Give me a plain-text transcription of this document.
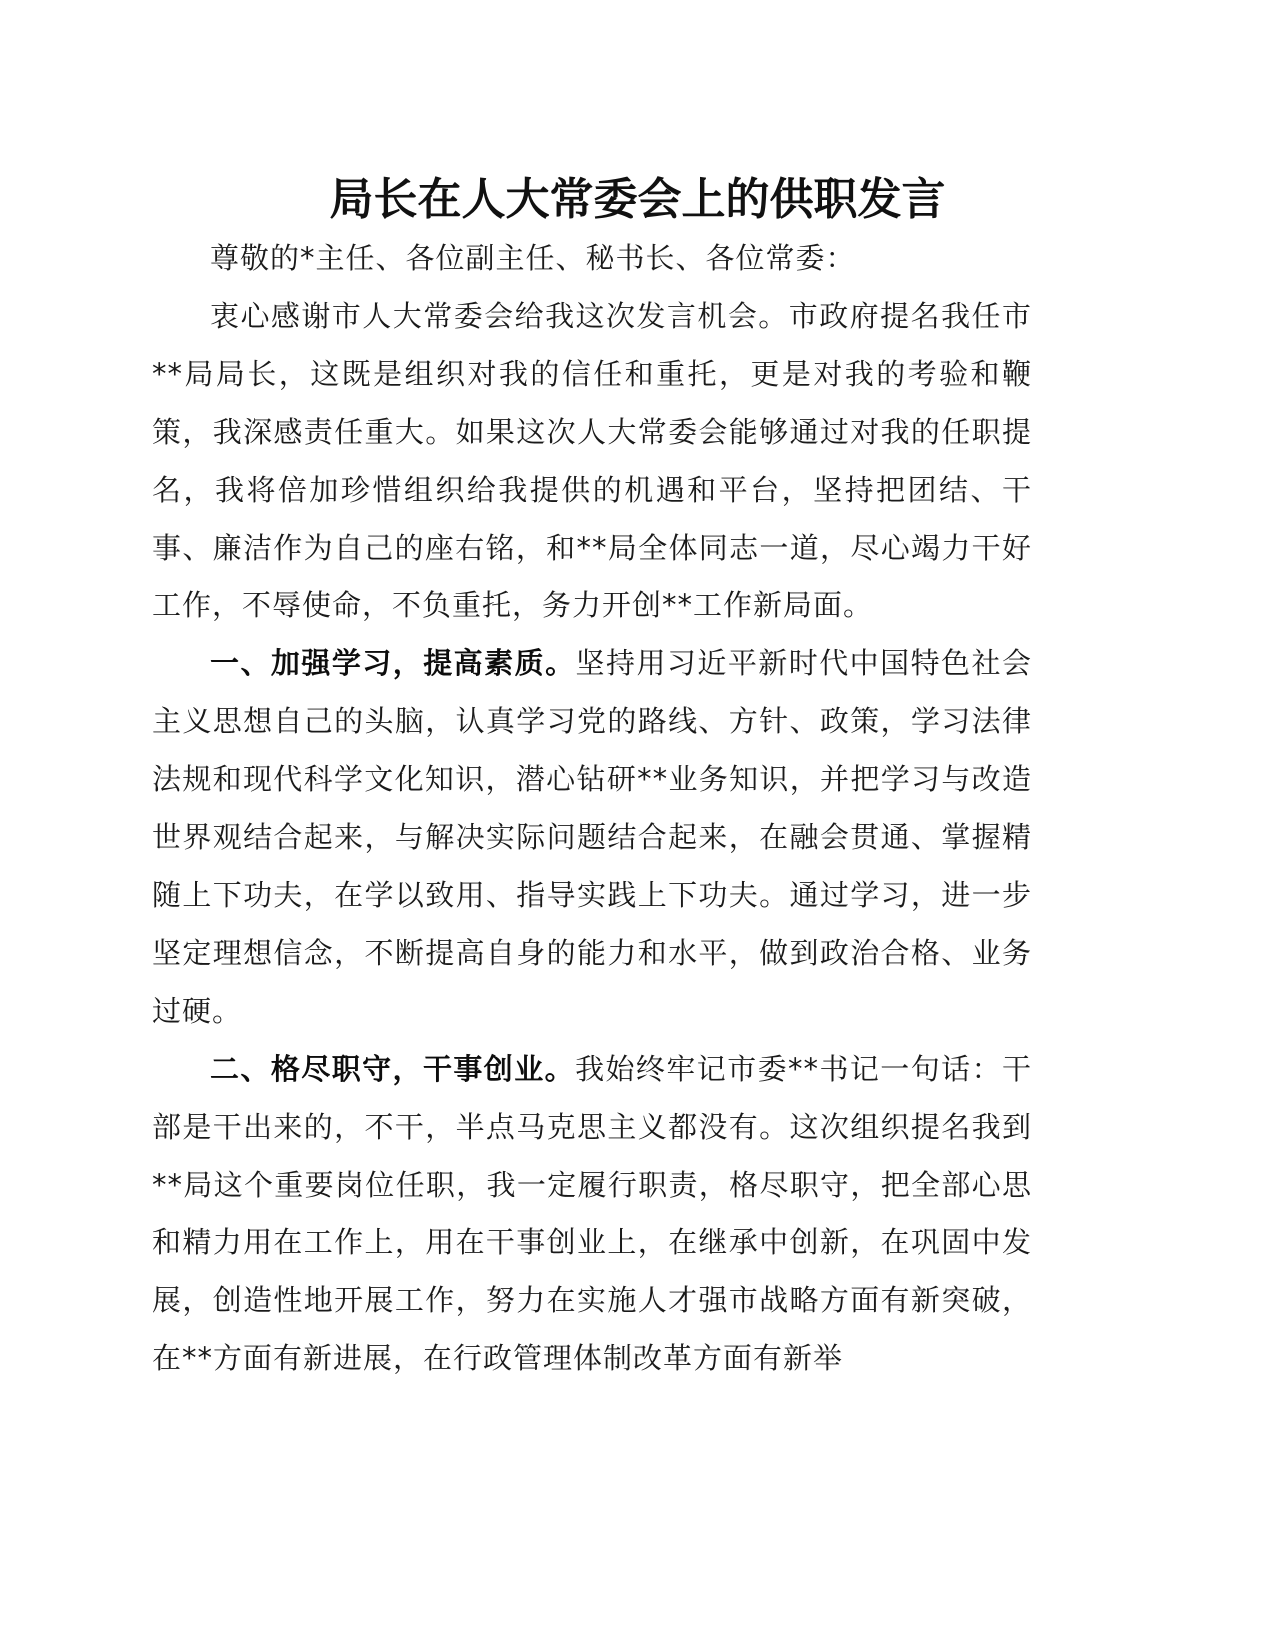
局长在人大常委会上的供职发言

尊敬的*主任、各位副主任、秘书长、各位常委：

衷心感谢市人大常委会给我这次发言机会。市政府提名我任市**局局长，这既是组织对我的信任和重托，更是对我的考验和鞭策，我深感责任重大。如果这次人大常委会能够通过对我的任职提名，我将倍加珍惜组织给我提供的机遇和平台，坚持把团结、干事、廉洁作为自己的座右铭，和**局全体同志一道，尽心竭力干好工作，不辱使命，不负重托，务力开创**工作新局面。

一、加强学习，提高素质。坚持用习近平新时代中国特色社会主义思想自己的头脑，认真学习党的路线、方针、政策，学习法律法规和现代科学文化知识，潜心钻研**业务知识，并把学习与改造世界观结合起来，与解决实际问题结合起来，在融会贯通、掌握精随上下功夫，在学以致用、指导实践上下功夫。通过学习，进一步坚定理想信念，不断提高自身的能力和水平，做到政治合格、业务过硬。

二、格尽职守，干事创业。我始终牢记市委**书记一句话：干部是干出来的，不干，半点马克思主义都没有。这次组织提名我到**局这个重要岗位任职，我一定履行职责，格尽职守，把全部心思和精力用在工作上，用在干事创业上，在继承中创新，在巩固中发展，创造性地开展工作，努力在实施人才强市战略方面有新突破，在**方面有新进展，在行政管理体制改革方面有新举
